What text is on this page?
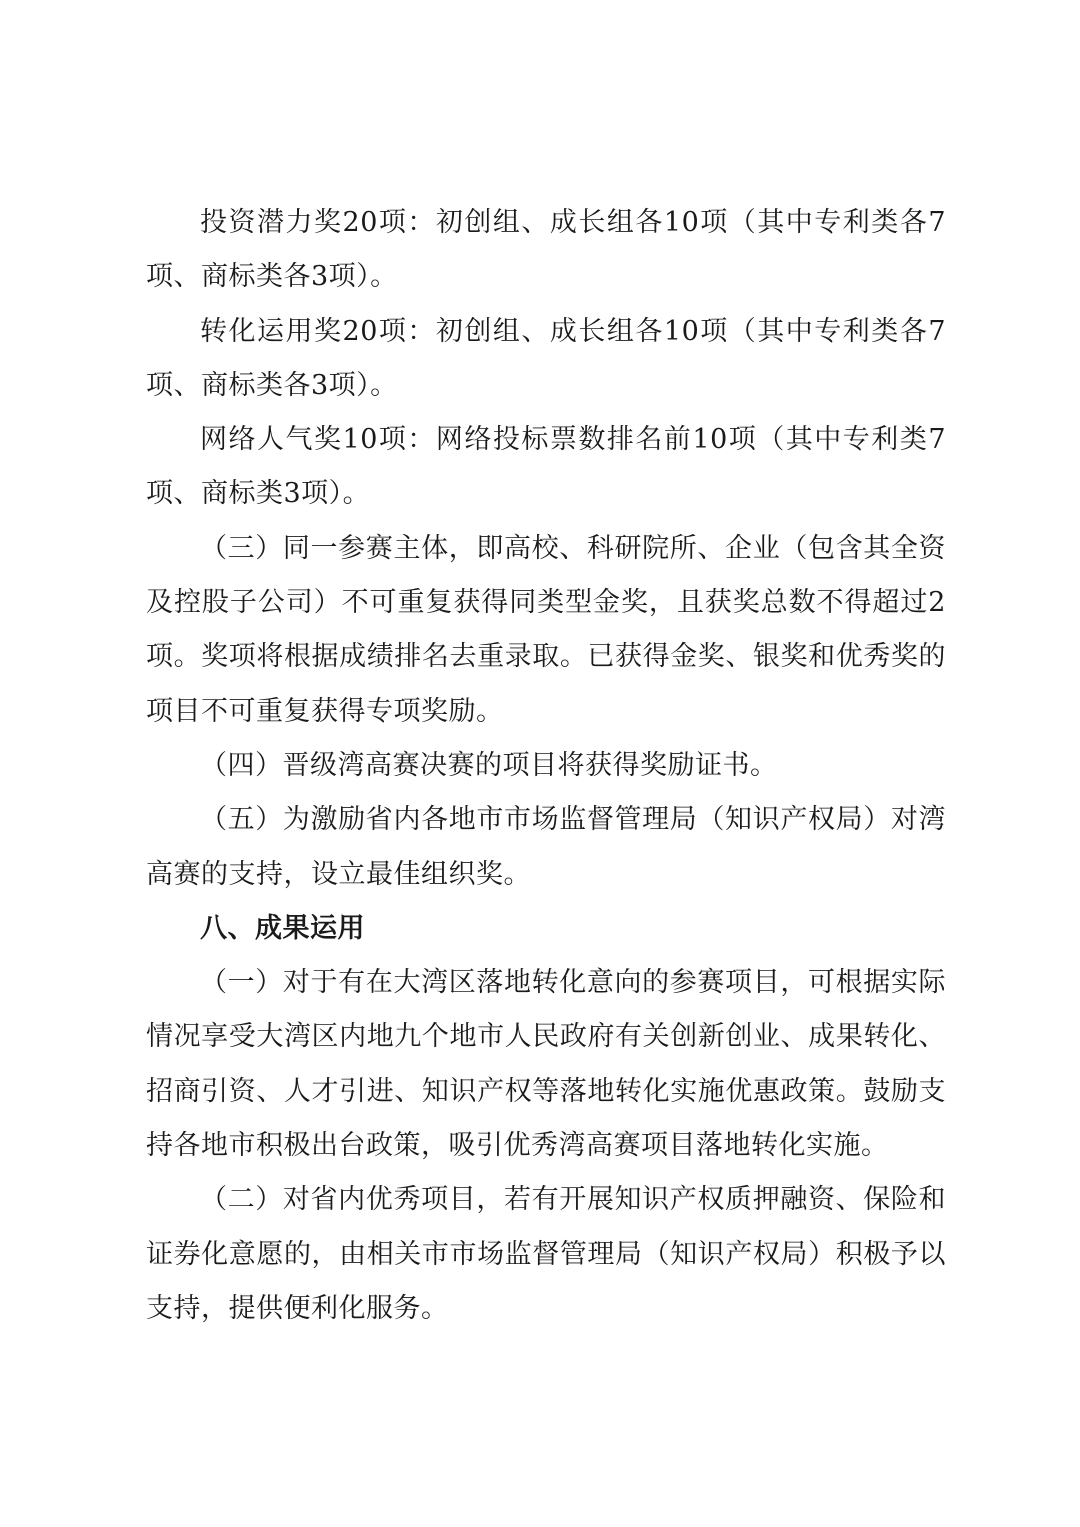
投资潜力奖20项：初创组、成长组各10项（其中专利类各7项、商标类各3项）。

转化运用奖20项：初创组、成长组各10项（其中专利类各7项、商标类各3项）。

网络人气奖10项：网络投标票数排名前10项（其中专利类7项、商标类3项）。

（三）同一参赛主体，即高校、科研院所、企业（包含其全资及控股子公司）不可重复获得同类型金奖，且获奖总数不得超过2项。奖项将根据成绩排名去重录取。已获得金奖、银奖和优秀奖的项目不可重复获得专项奖励。

（四）晋级湾高赛决赛的项目将获得奖励证书。

（五）为激励省内各地市市场监督管理局（知识产权局）对湾高赛的支持，设立最佳组织奖。

八、成果运用

（一）对于有在大湾区落地转化意向的参赛项目，可根据实际情况享受大湾区内地九个地市人民政府有关创新创业、成果转化、招商引资、人才引进、知识产权等落地转化实施优惠政策。鼓励支持各地市积极出台政策，吸引优秀湾高赛项目落地转化实施。

（二）对省内优秀项目，若有开展知识产权质押融资、保险和证券化意愿的，由相关市市场监督管理局（知识产权局）积极予以支持，提供便利化服务。
